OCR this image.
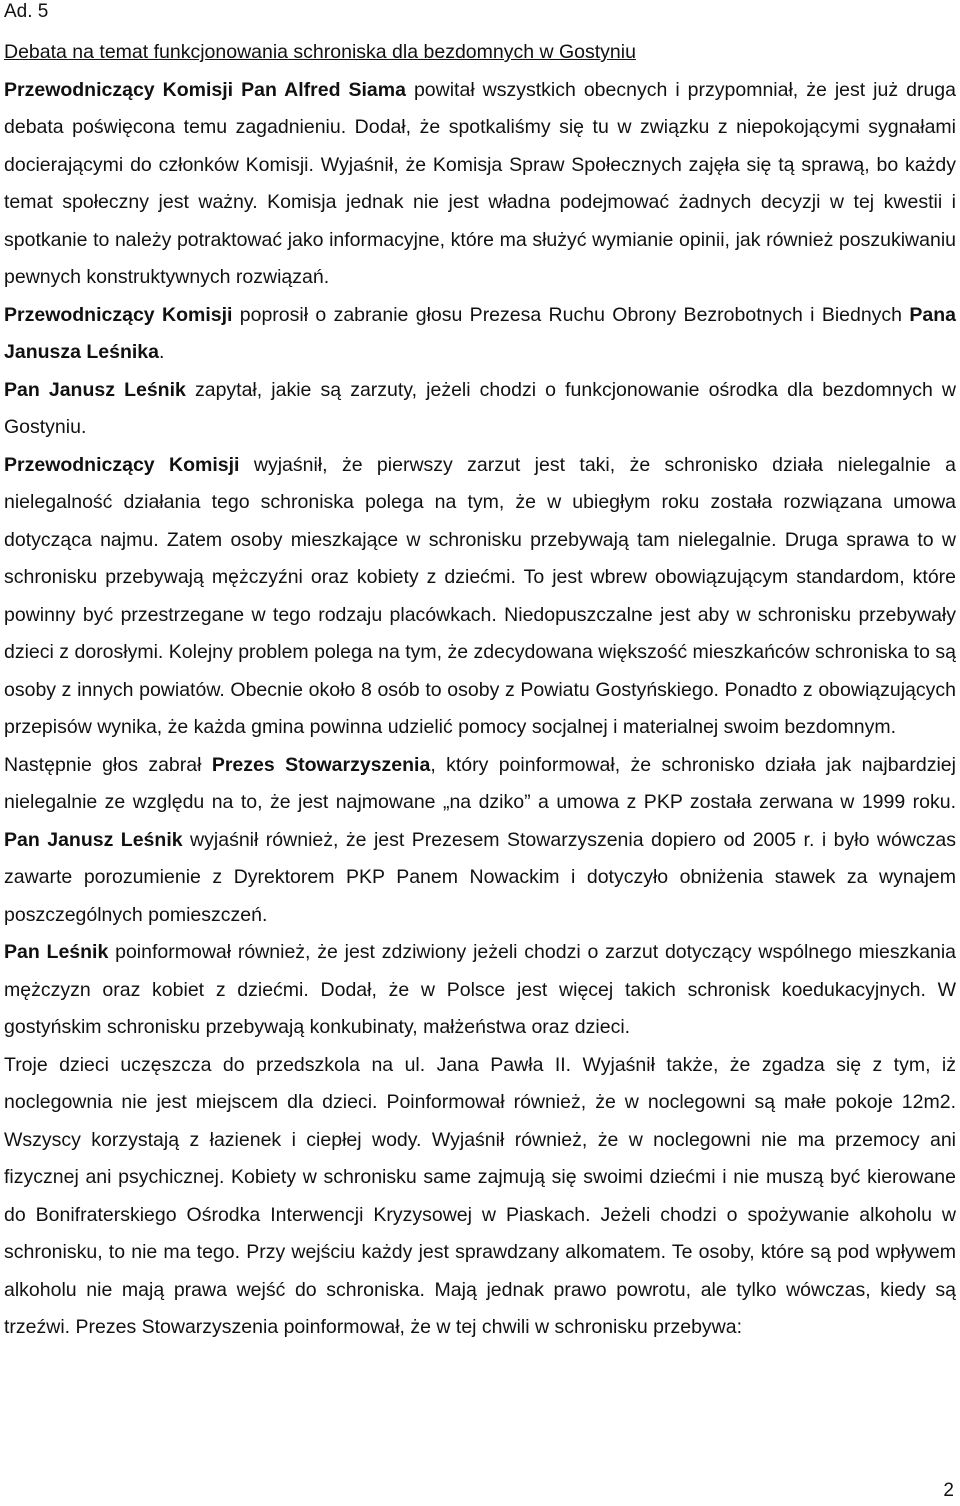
Ad. 5

Debata na temat funkcjonowania schroniska dla bezdomnych w Gostyniu

Przewodniczący Komisji Pan Alfred Siama powitał wszystkich obecnych i przypomniał, że jest już druga debata poświęcona temu zagadnieniu. Dodał, że spotkaliśmy się tu w związku z niepokojącymi sygnałami docierającymi do członków Komisji. Wyjaśnił, że Komisja Spraw Społecznych zajęła się tą sprawą, bo każdy temat społeczny jest ważny. Komisja jednak nie jest władna podejmować żadnych decyzji w tej kwestii i spotkanie to należy potraktować jako informacyjne, które ma służyć wymianie opinii, jak również poszukiwaniu pewnych konstruktywnych rozwiązań.

Przewodniczący Komisji poprosił o zabranie głosu Prezesa Ruchu Obrony Bezrobotnych i Biednych Pana Janusza Leśnika.

Pan Janusz Leśnik zapytał, jakie są zarzuty, jeżeli chodzi o funkcjonowanie ośrodka dla bezdomnych w Gostyniu.

Przewodniczący Komisji wyjaśnił, że pierwszy zarzut jest taki, że schronisko działa nielegalnie a nielegalność działania tego schroniska polega na tym, że w ubiegłym roku została rozwiązana umowa dotycząca najmu. Zatem osoby mieszkające w schronisku przebywają tam nielegalnie. Druga sprawa to w schronisku przebywają mężczyźni oraz kobiety z dziećmi. To jest wbrew obowiązującym standardom, które powinny być przestrzegane w tego rodzaju placówkach. Niedopuszczalne jest aby w schronisku przebywały dzieci z dorosłymi. Kolejny problem polega na tym, że zdecydowana większość mieszkańców schroniska to są osoby z innych powiatów. Obecnie około 8 osób to osoby z Powiatu Gostyńskiego. Ponadto z obowiązujących przepisów wynika, że każda gmina powinna udzielić pomocy socjalnej i materialnej swoim bezdomnym.

Następnie głos zabrał Prezes Stowarzyszenia, który poinformował, że schronisko działa jak najbardziej nielegalnie ze względu na to, że jest najmowane „na dziko” a umowa z PKP została zerwana w 1999 roku. Pan Janusz Leśnik wyjaśnił również, że jest Prezesem Stowarzyszenia dopiero od 2005 r. i było wówczas zawarte porozumienie z Dyrektorem PKP Panem Nowackim i dotyczyło obniżenia stawek za wynajem poszczególnych pomieszczeń.

Pan Leśnik poinformował również, że jest zdziwiony jeżeli chodzi o zarzut dotyczący wspólnego mieszkania mężczyzn oraz kobiet z dziećmi. Dodał, że w Polsce jest więcej takich schronisk koedukacyjnych. W gostyńskim schronisku przebywają konkubinaty, małżeństwa oraz dzieci.

Troje dzieci uczęszcza do przedszkola na ul. Jana Pawła II. Wyjaśnił także, że zgadza się z tym, iż noclegownia nie jest miejscem dla dzieci. Poinformował również, że w noclegowni są małe pokoje 12m2. Wszyscy korzystają z łazienek i ciepłej wody. Wyjaśnił również, że w noclegowni nie ma przemocy ani fizycznej ani psychicznej. Kobiety w schronisku same zajmują się swoimi dziećmi i nie muszą być kierowane do Bonifraterskiego Ośrodka Interwencji Kryzysowej w Piaskach. Jeżeli chodzi o spożywanie alkoholu w schronisku, to nie ma tego. Przy wejściu każdy jest sprawdzany alkomatem. Te osoby, które są pod wpływem alkoholu nie mają prawa wejść do schroniska. Mają jednak prawo powrotu, ale tylko wówczas, kiedy są trzeźwi. Prezes Stowarzyszenia poinformował, że w tej chwili w schronisku przebywa:

2
